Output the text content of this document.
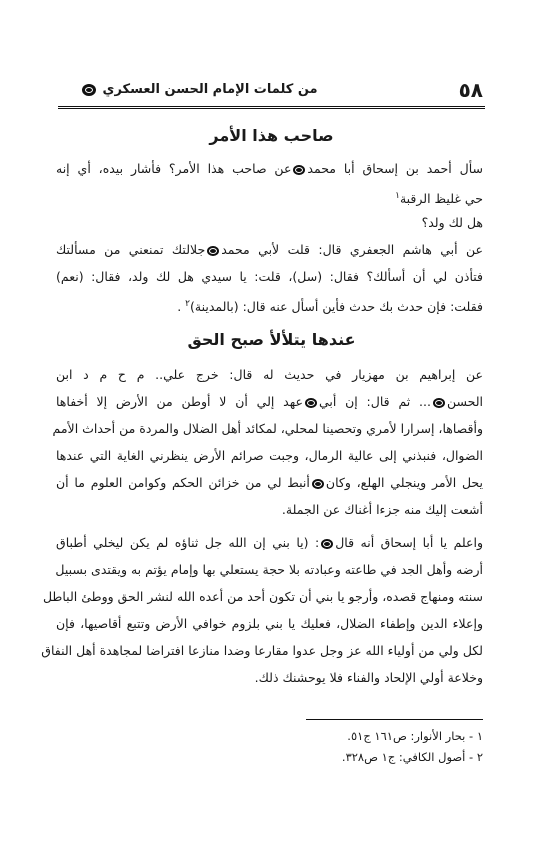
٥٨
من كلمات الإمام الحسن العسكري
صاحب هذا الأمر
سأل أحمد بن إسحاق أبا محمدعن صاحب هذا الأمر؟ فأشار بيده، أي إنه
حي غليظ الرقبة$^١$
هل لك ولد؟
عن أبي هاشم الجعفري قال: قلت لأبي محمدجلالتك تمنعني من مسألتك
فتأذن لي أن أسألك؟ فقال: (سل)، قلت: يا سيدي هل لك ولد، فقال: (نعم)
فقلت: فإن حدث بك حدث فأين أسأل عنه قال: (بالمدينة)$^٢$ .
عندها يتلألأ صبح الحق
عن إبراهيم بن مهزيار في حديث له قال: خرج علي.. م ح م د ابن
الحسن... ثم قال: إن أبيعهد إلي أن لا أوطن من الأرض إلا أخفاها
وأقصاها، إسرارا لأمري وتحصينا لمحلي، لمكائد أهل الضلال والمردة من أحداث الأمم
الضوال، فنبذني إلى عالية الرمال، وجبت صرائم الأرض ينظرني الغاية التي عندها
يحل الأمر وينجلي الهلع، وكانأنبط لي من خزائن الحكم وكوامن العلوم ما أن
أشعت إليك منه جزءا أغناك عن الجملة.
واعلم يا أبا إسحاق أنه قال: (يا بني إن الله جل ثناؤه لم يكن ليخلي أطباق
أرضه وأهل الجد في طاعته وعبادته بلا حجة يستعلي بها وإمام يؤتم به ويقتدى بسبيل
سنته ومنهاج قصده، وأرجو يا بني أن تكون أحد من أعده الله لنشر الحق ووطئ الباطل
وإعلاء الدين وإطفاء الضلال، فعليك يا بني بلزوم خوافي الأرض وتتبع أقاصيها، فإن
لكل ولي من أولياء الله عز وجل عدوا مقارعا وضدا منازعا افتراضا لمجاهدة أهل النفاق
وخلاعة أولي الإلحاد والفناء فلا يوحشنك ذلك.
١ - بحار الأنوار: ص١٦١ ج٥١.
٢ - أصول الكافي: ج١ ص٣٢٨.
